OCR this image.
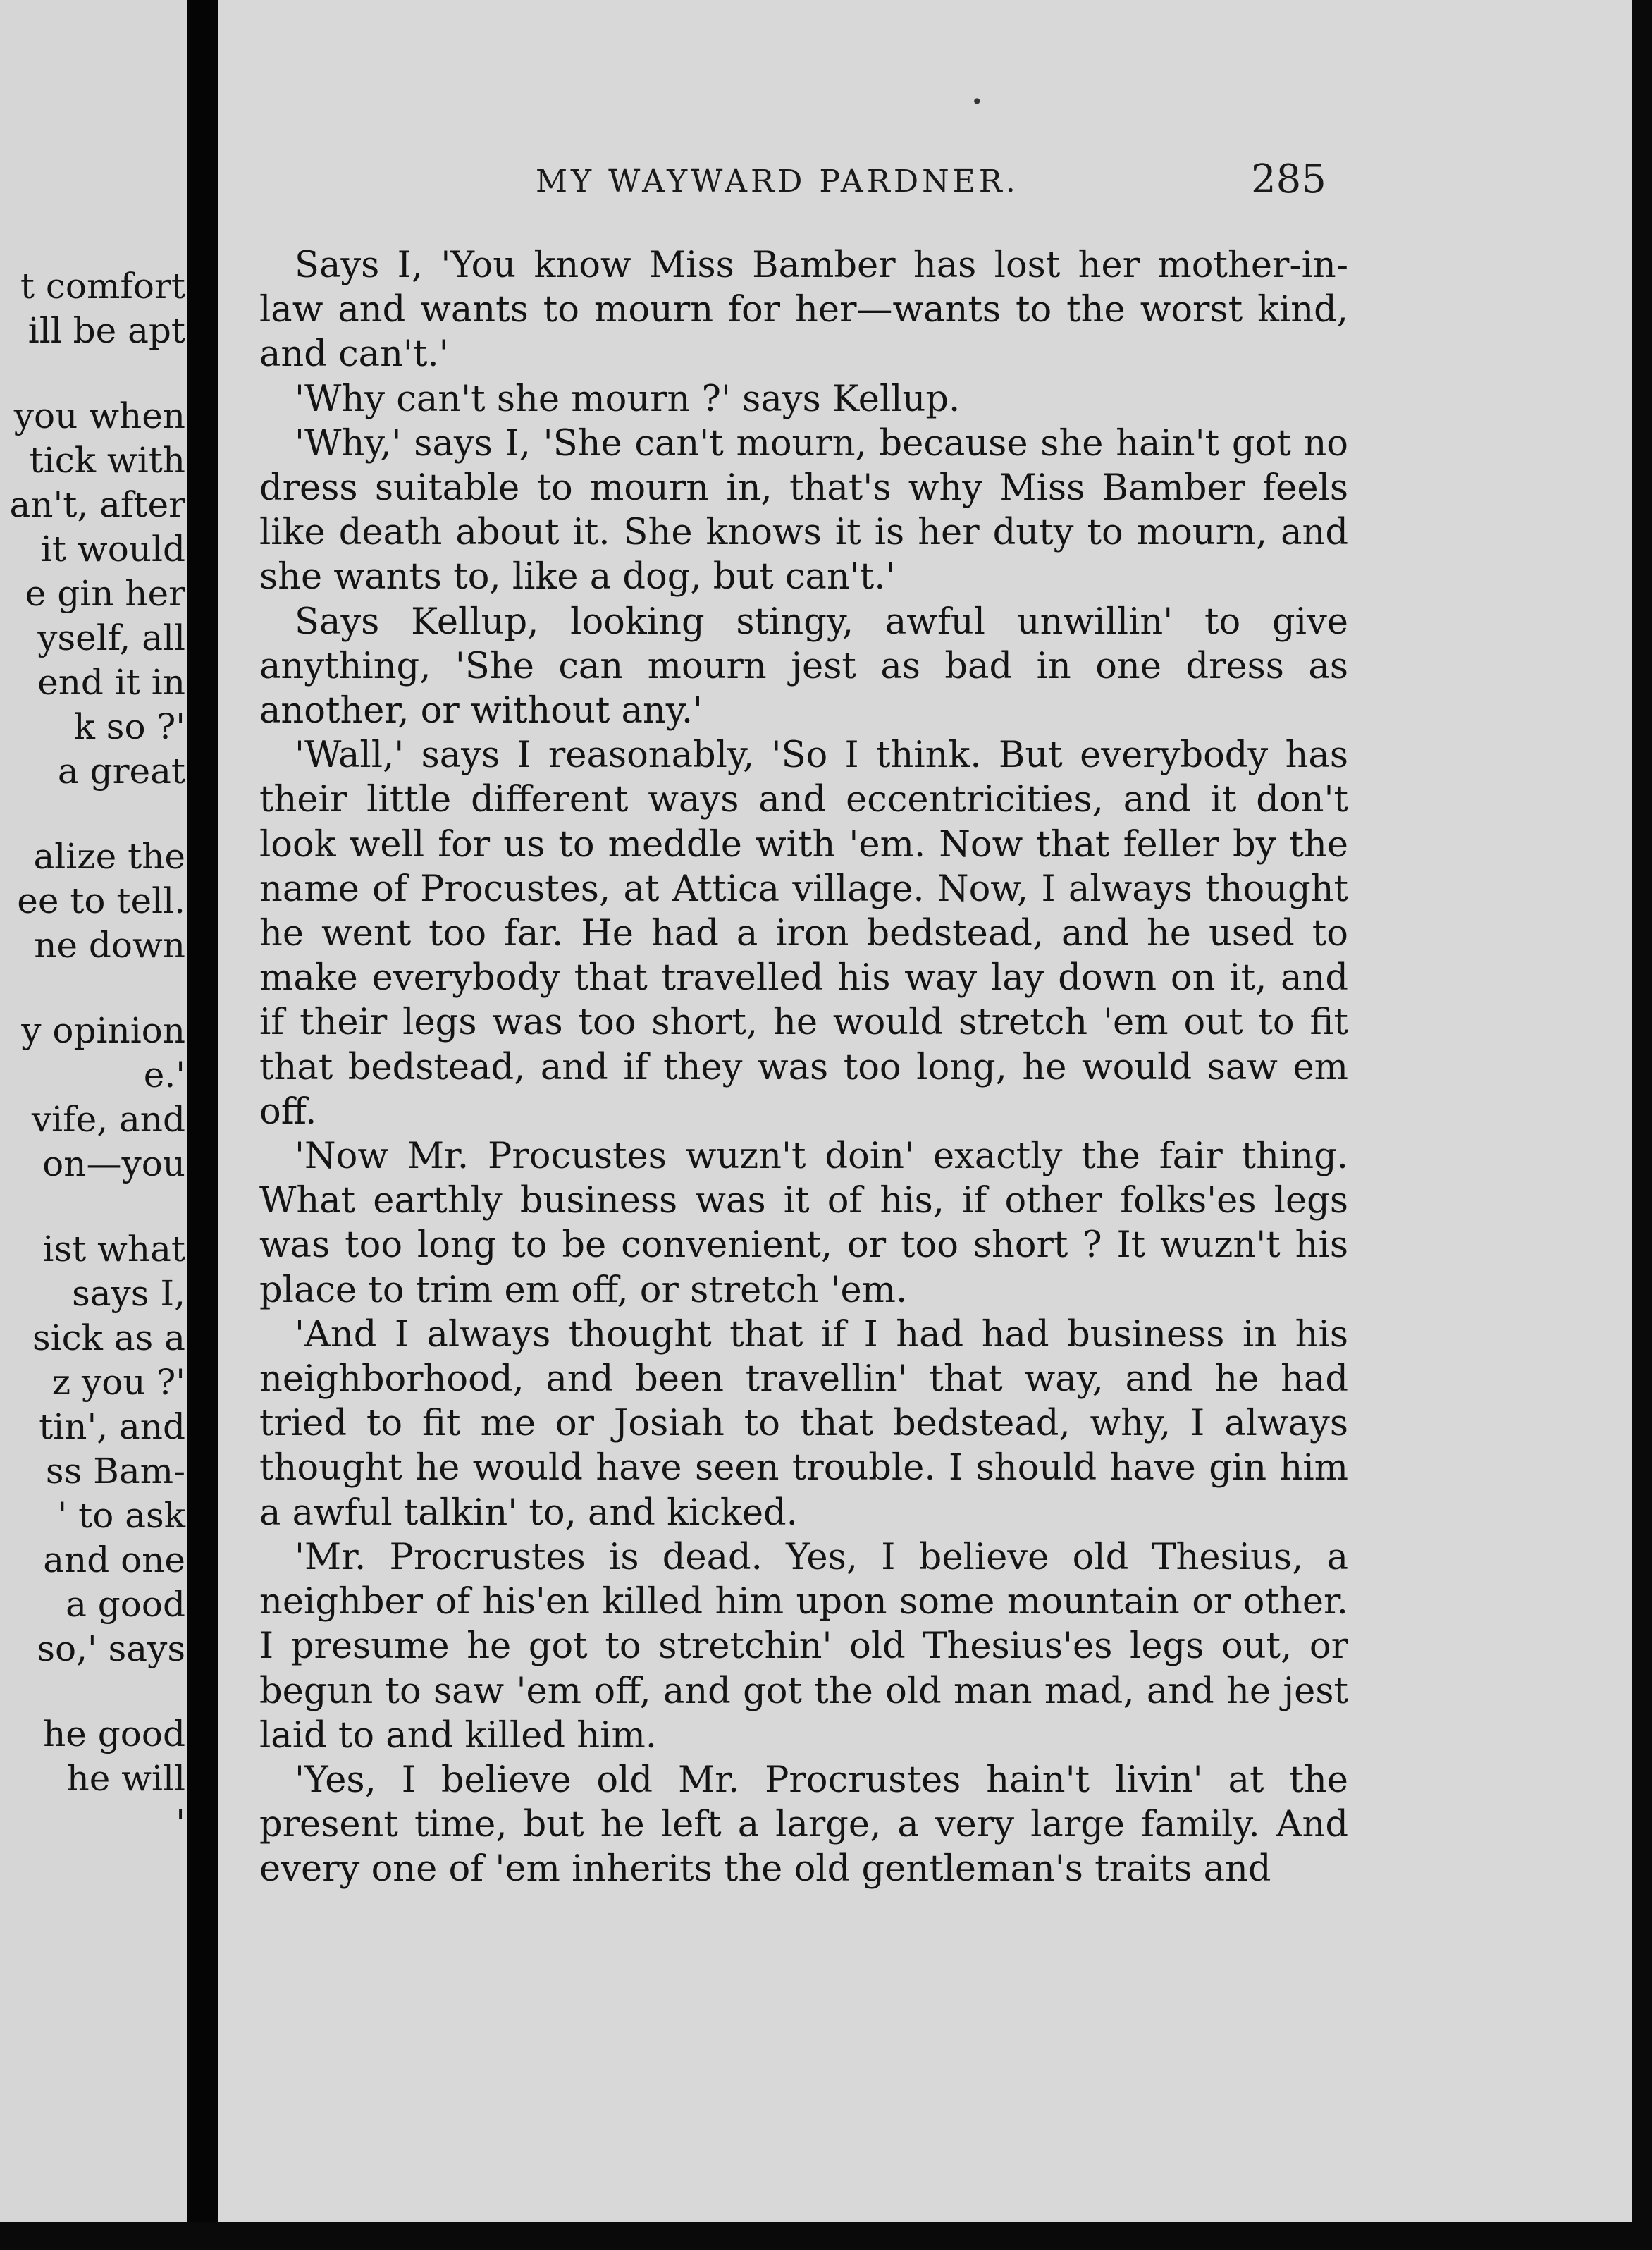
t comfort
ill be apt
you when
tick with
an't, after
it would
e gin her
yself, all
end it in
k so ?'
a great
alize the
ee to tell.
ne down
y opinion
e.'
vife, and
on—you
ist what
says I,
sick as a
z you ?'
tin', and
ss Bam-
' to ask
and one
a good
so,' says
he good
he will
'
•
MY WAYWARD PARDNER.	285

Says I, 'You know Miss Bamber has lost her mother-in-law and wants to mourn for her—wants to the worst kind, and can't.'

'Why can't she mourn ?' says Kellup.

'Why,' says I, 'She can't mourn, because she hain't got no dress suitable to mourn in, that's why Miss Bamber feels like death about it. She knows it is her duty to mourn, and she wants to, like a dog, but can't.'

Says Kellup, looking stingy, awful unwillin' to give anything, 'She can mourn jest as bad in one dress as another, or without any.'

'Wall,' says I reasonably, 'So I think. But everybody has their little different ways and eccentricities, and it don't look well for us to meddle with 'em. Now that feller by the name of Procustes, at Attica village. Now, I always thought he went too far. He had a iron bedstead, and he used to make everybody that travelled his way lay down on it, and if their legs was too short, he would stretch 'em out to fit that bedstead, and if they was too long, he would saw em off.

'Now Mr. Procustes wuzn't doin' exactly the fair thing. What earthly business was it of his, if other folks'es legs was too long to be convenient, or too short ? It wuzn't his place to trim em off, or stretch 'em.

'And I always thought that if I had had business in his neighborhood, and been travellin' that way, and he had tried to fit me or Josiah to that bedstead, why, I always thought he would have seen trouble. I should have gin him a awful talkin' to, and kicked.

'Mr. Procrustes is dead. Yes, I believe old Thesius, a neighber of his'en killed him upon some mountain or other. I presume he got to stretchin' old Thesius'es legs out, or begun to saw 'em off, and got the old man mad, and he jest laid to and killed him.

'Yes, I believe old Mr. Procrustes hain't livin' at the present time, but he left a large, a very large family. And every one of 'em inherits the old gentleman's traits and
